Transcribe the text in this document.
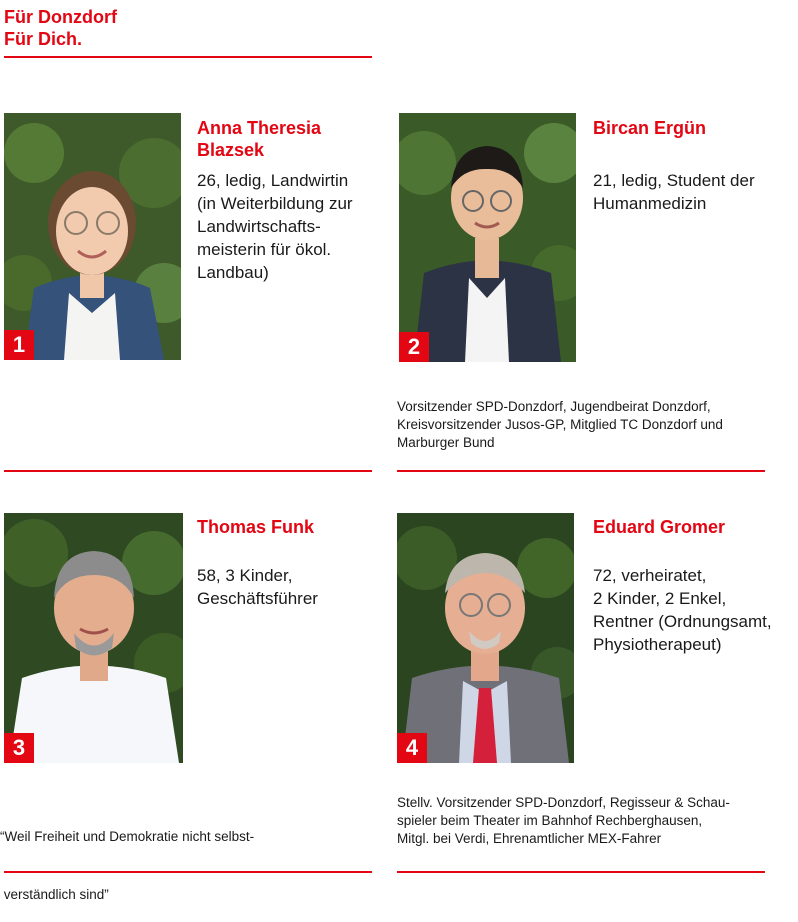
Für Donzdorf
Für Dich.
1
Anna Theresia
Blazsek
26, ledig, Landwirtin
(in Weiterbildung zur
Landwirtschafts-
meisterin für ökol.
Landbau)
2
Bircan Ergün
21, ledig, Student der
Humanmedizin
Vorsitzender SPD-Donzdorf, Jugendbeirat Donzdorf,
Kreisvorsitzender Jusos-GP, Mitglied TC Donzdorf und
Marburger Bund
3
Thomas Funk
58, 3 Kinder,
Geschäftsführer

“Weil Freiheit und Demokratie nicht selbst-

verständlich sind”

4
Eduard Gromer
72, verheiratet,
2 Kinder, 2 Enkel,
Rentner (Ordnungsamt,
Physiotherapeut)
Stellv. Vorsitzender SPD-Donzdorf, Regisseur & Schau-
spieler beim Theater im Bahnhof Rechberghausen,
Mitgl. bei Verdi, Ehrenamtlicher MEX-Fahrer
